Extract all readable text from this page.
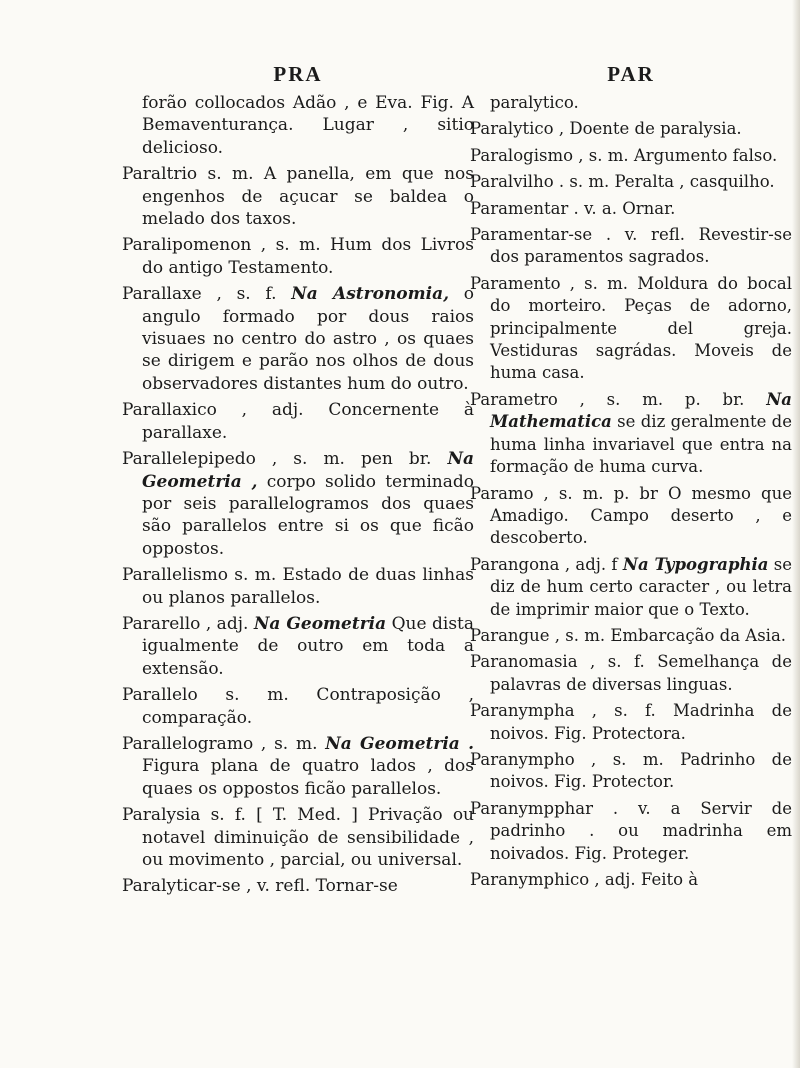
PRA

forão collocados Adão , e Eva. Fig. A Bemaventurança. Lugar , sitio delicioso.

Paraltrio s. m. A panella, em que nos engenhos de açucar se baldea o melado dos taxos.

Paralipomenon , s. m. Hum dos Livros do antigo Testamento.

Parallaxe , s. f. Na Astronomia, o angulo formado por dous raios visuaes no centro do astro , os quaes se dirigem e parão nos olhos de dous observadores distantes hum do outro.

Parallaxico , adj. Concernente à parallaxe.

Parallelepipedo , s. m. pen br. Na Geometria , corpo solido terminado por seis parallelogramos dos quaes são parallelos entre si os que ficão oppostos.

Parallelismo s. m. Estado de duas linhas ou planos parallelos.

Pararello , adj. Na Geometria Que dista igualmente de outro em toda a extensão.

Parallelo s. m. Contraposição , comparação.

Parallelogramo , s. m. Na Geometria . Figura plana de quatro lados , dos quaes os oppostos ficão parallelos.

Paralysia s. f. [ T. Med. ] Privação ou notavel diminuição de sensibilidade , ou movimento , parcial, ou universal.

Paralyticar-se , v. refl. Tornar-se

PAR

paralytico.

Paralytico , Doente de paralysia.

Paralogismo , s. m. Argumento falso.

Paralvilho . s. m. Peralta , casquilho.

Paramentar . v. a. Ornar.

Paramentar-se . v. refl. Revestir-se dos paramentos sagrados.

Paramento , s. m. Moldura do bocal do morteiro. Peças de adorno, principalmente del greja. Vestiduras sagrádas. Moveis de huma casa.

Parametro , s. m. p. br. Na Mathematica se diz geralmente de huma linha invariavel que entra na formação de huma curva.

Paramo , s. m. p. br O mesmo que Amadigo. Campo deserto , e descoberto.

Parangona , adj. f Na Typographia se diz de hum certo caracter , ou letra de imprimir maior que o Texto.

Parangue , s. m. Embarcação da Asia.

Paranomasia , s. f. Semelhança de palavras de diversas linguas.

Paranympha , s. f. Madrinha de noivos. Fig. Protectora.

Paranympho , s. m. Padrinho de noivos. Fig. Protector.

Paranympphar . v. a Servir de padrinho . ou madrinha em noivados. Fig. Proteger.

Paranymphico , adj. Feito à
